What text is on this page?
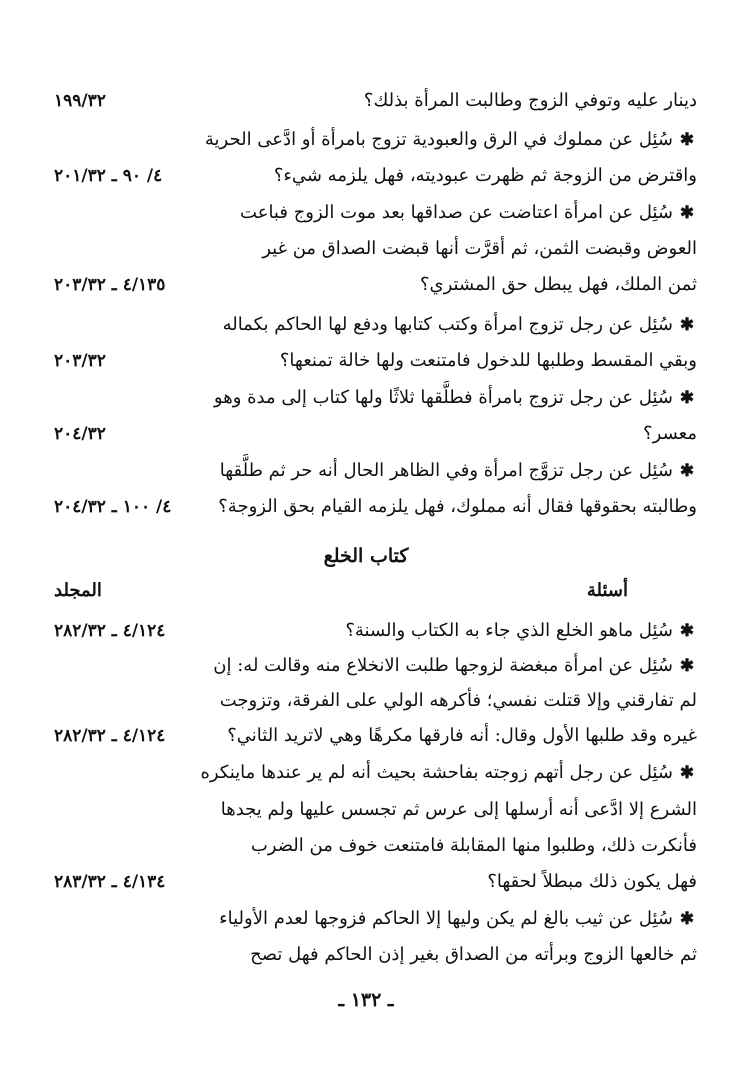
دينار عليه وتوفي الزوج وطالبت المرأة بذلك؟
١٩٩/٣٢
✱
سُئِل عن مملوك في الرق والعبودية تزوج بامرأة أو ادَّعى الحرية
واقترض من الزوجة ثم ظهرت عبوديته، فهل يلزمه شيء؟
٤/ ٩٠ ـ ٢٠١/٣٢
✱
سُئِل عن امرأة اعتاضت عن صداقها بعد موت الزوج فباعت
العوض وقبضت الثمن، ثم أقرَّت أنها قبضت الصداق من غير
ثمن الملك، فهل يبطل حق المشتري؟
٤/١٣٥ ـ ٢٠٣/٣٢
✱
سُئِل عن رجل تزوج امرأة وكتب كتابها ودفع لها الحاكم بكماله
وبقي المقسط وطلبها للدخول فامتنعت ولها خالة تمنعها؟
٢٠٣/٣٢
✱
سُئِل عن رجل تزوج بامرأة فطلَّقها ثلاثًا ولها كتاب إلى مدة وهو
معسر؟
٢٠٤/٣٢
✱
سُئِل عن رجل تزوَّج امرأة وفي الظاهر الحال أنه حر ثم طلَّقها
وطالبته بحقوقها فقال أنه مملوك، فهل يلزمه القيام بحق الزوجة؟
٤/ ١٠٠ ـ ٢٠٤/٣٢
كتاب الخلع
أسئلة
المجلد
✱
سُئِل ماهو الخلع الذي جاء به الكتاب والسنة؟
٤/١٢٤ ـ ٢٨٢/٣٢
✱
سُئِل عن امرأة مبغضة لزوجها طلبت الانخلاع منه وقالت له: إن
لم تفارقني وإلا قتلت نفسي؛ فأكرهه الولي على الفرقة، وتزوجت
غيره وقد طلبها الأول وقال: أنه فارقها مكرهًا وهي لاتريد الثاني؟
٤/١٢٤ ـ ٢٨٢/٣٢
✱
سُئِل عن رجل أتهم زوجته بفاحشة بحيث أنه لم ير عندها ماينكره
الشرع إلا ادَّعى أنه أرسلها إلى عرس ثم تجسس عليها ولم يجدها
فأنكرت ذلك، وطلبوا منها المقابلة فامتنعت خوف من الضرب
فهل يكون ذلك مبطلاً لحقها؟
٤/١٣٤ ـ ٢٨٣/٣٢
✱
سُئِل عن ثيب بالغ لم يكن وليها إلا الحاكم فزوجها لعدم الأولياء
ثم خالعها الزوج وبرأته من الصداق بغير إذن الحاكم فهل تصح
ـ ١٣٢ ـ
